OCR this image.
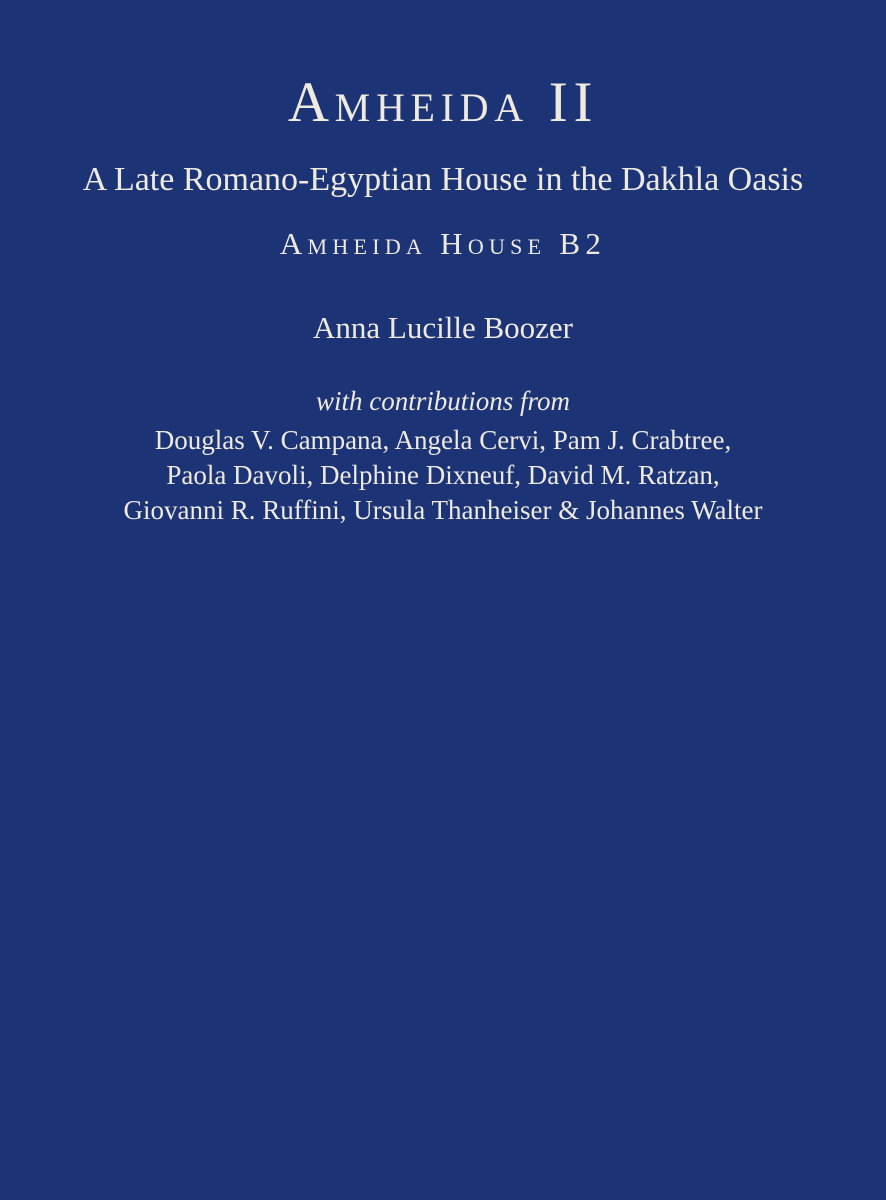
Amheida II
A Late Romano-Egyptian House in the Dakhla Oasis
Amheida House B2
Anna Lucille Boozer
with contributions from
Douglas V. Campana, Angela Cervi, Pam J. Crabtree,
Paola Davoli, Delphine Dixneuf, David M. Ratzan,
Giovanni R. Ruffini, Ursula Thanheiser & Johannes Walter
